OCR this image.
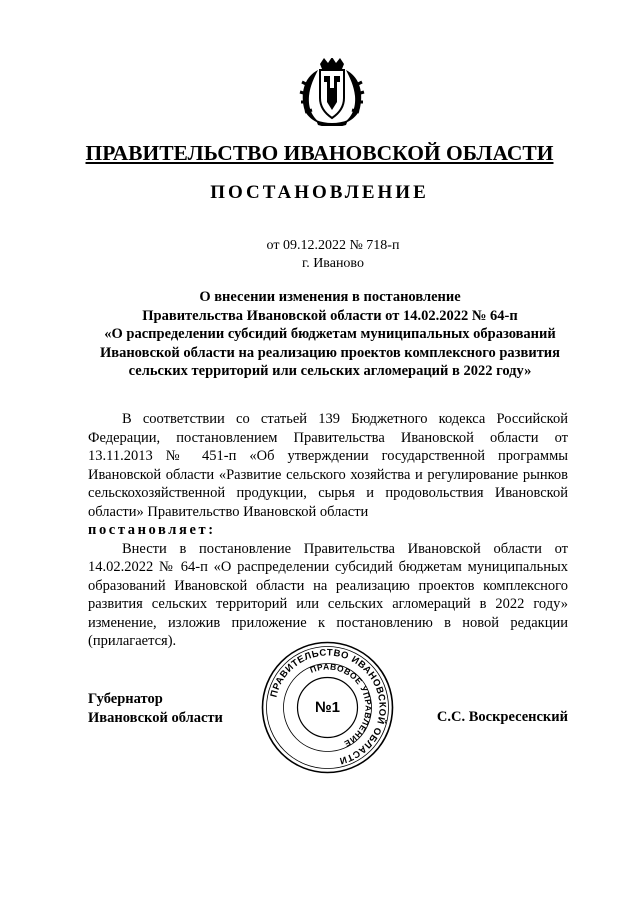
ПРАВИТЕЛЬСТВО ИВАНОВСКОЙ ОБЛАСТИ
ПОСТАНОВЛЕНИЕ
от 09.12.2022 № 718-п
г. Иваново
О внесении изменения в постановление
Правительства Ивановской области от 14.02.2022 № 64-п
«О распределении субсидий бюджетам муниципальных образований
Ивановской области на реализацию проектов комплексного развития
сельских территорий или сельских агломераций в 2022 году»

В соответствии со статьей 139 Бюджетного кодекса Российской Федерации, постановлением Правительства Ивановской области от 13.11.2013 № 451-п «Об утверждении государственной программы Ивановской области «Развитие сельского хозяйства и регулирование рынков сельскохозяйственной продукции, сырья и продовольствия Ивановской области» Правительство Ивановской области

постановляет:

Внести в постановление Правительства Ивановской области от 14.02.2022 № 64-п «О распределении субсидий бюджетам муниципальных образований Ивановской области на реализацию проектов комплексного развития сельских территорий или сельских агломераций в 2022 году» изменение, изложив приложение к постановлению в новой редакции (прилагается).

ПРАВИТЕЛЬСТВО ИВАНОВСКОЙ ОБЛАСТИ
ПРАВОВОЕ УПРАВЛЕНИЕ
№1
Губернатор
Ивановской области	С.С. Воскресенский
